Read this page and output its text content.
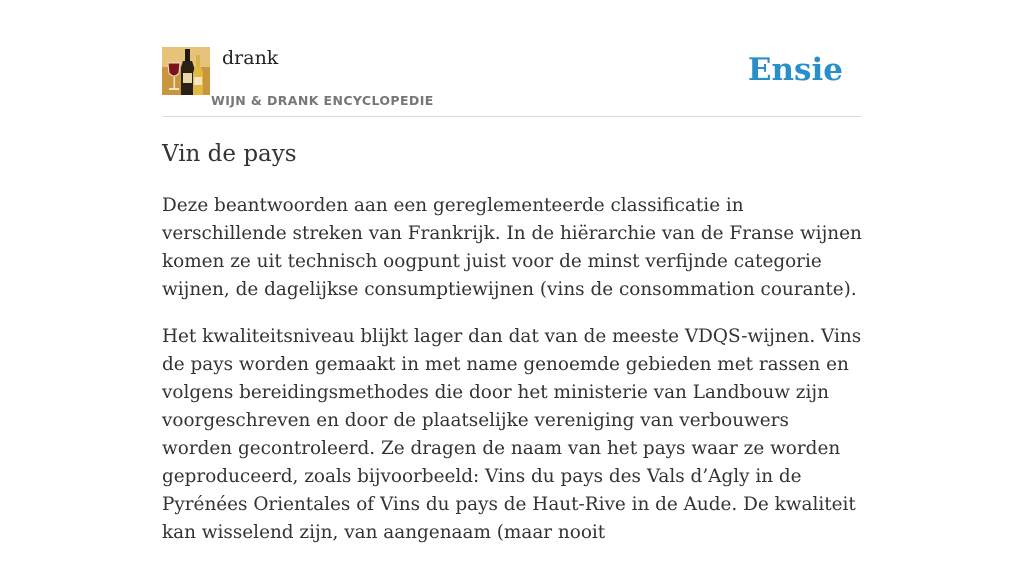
drank
WIJN & DRANK ENCYCLOPEDIE
Ensie
Vin de pays

Deze beantwoorden aan een gereglementeerde classificatie in verschillende streken van Frankrijk. In de hiërarchie van de Franse wijnen komen ze uit technisch oogpunt juist voor de minst verfijnde categorie wijnen, de dagelijkse consumptiewijnen (vins de consommation courante).

Het kwaliteitsniveau blijkt lager dan dat van de meeste VDQS-wijnen. Vins de pays worden gemaakt in met name genoemde gebieden met rassen en volgens bereidingsmethodes die door het ministerie van Landbouw zijn voorgeschreven en door de plaatselijke vereniging van verbouwers worden gecontroleerd. Ze dragen de naam van het pays waar ze worden geproduceerd, zoals bijvoorbeeld: Vins du pays des Vals d’Agly in de Pyrénées Orientales of Vins du pays de Haut-Rive in de Aude. De kwaliteit kan wisselend zijn, van aangenaam (maar nooit
